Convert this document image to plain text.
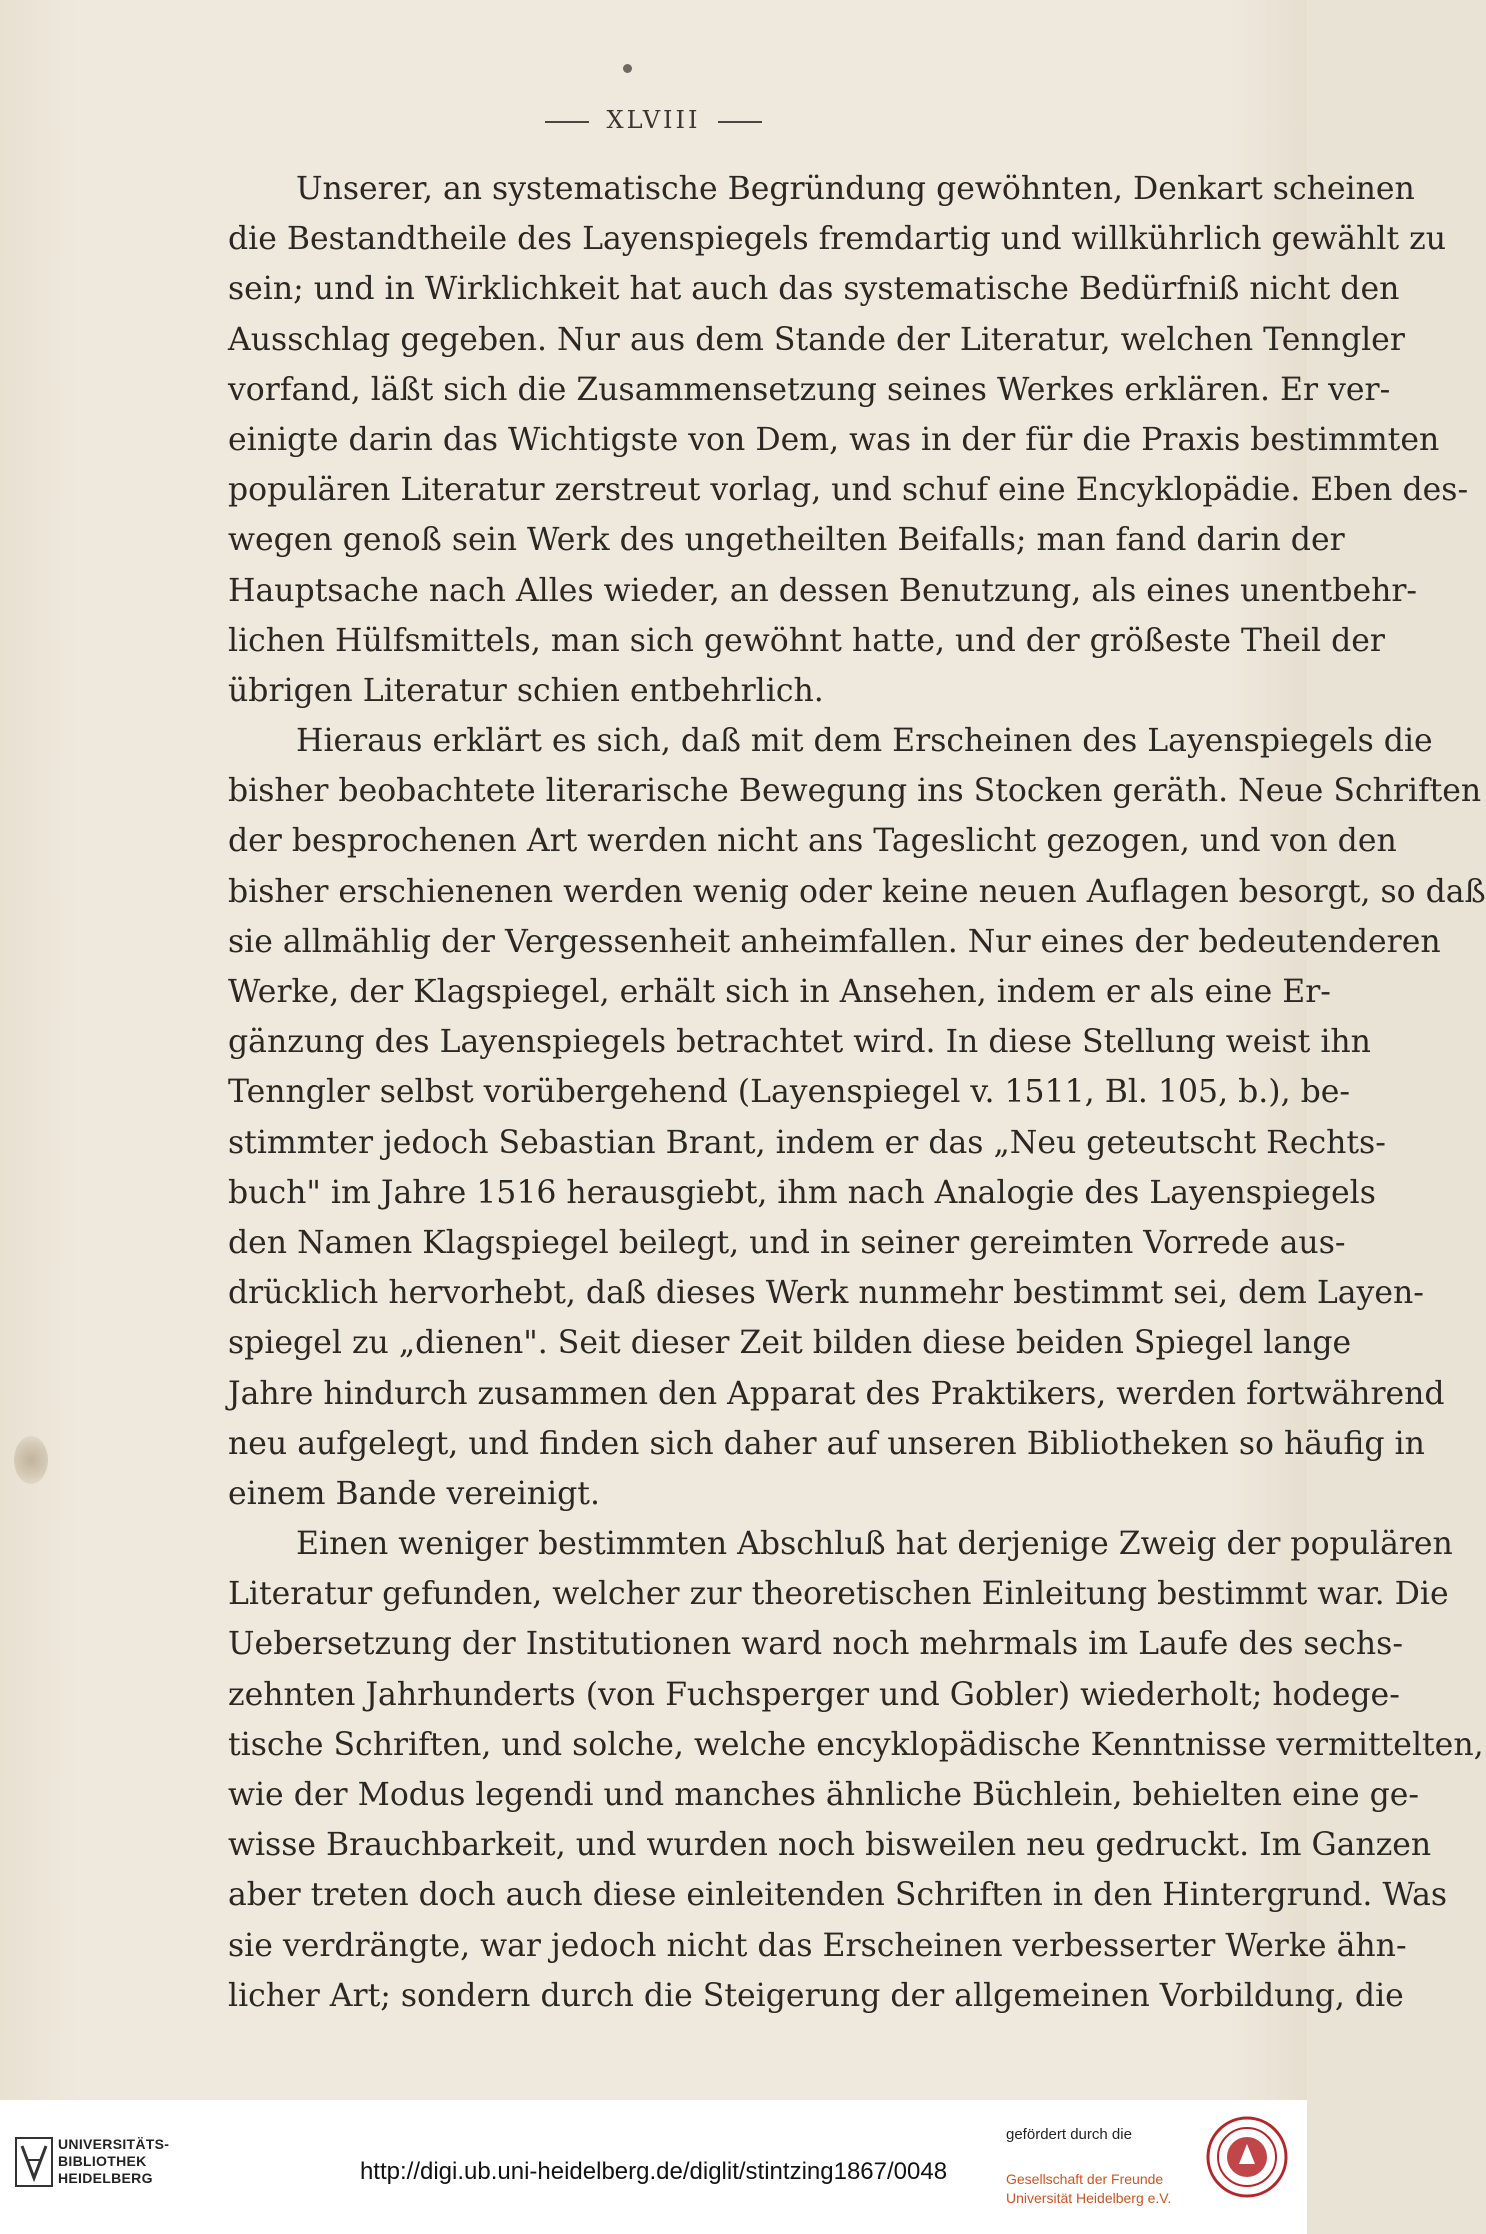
XLVIII
Unserer, an systematische Begründung gewöhnten, Denkart scheinen
die Bestandtheile des Layenspiegels fremdartig und willkührlich gewählt zu
sein; und in Wirklichkeit hat auch das systematische Bedürfniß nicht den
Ausschlag gegeben. Nur aus dem Stande der Literatur, welchen Tenngler
vorfand, läßt sich die Zusammensetzung seines Werkes erklären. Er ver-
einigte darin das Wichtigste von Dem, was in der für die Praxis bestimmten
populären Literatur zerstreut vorlag, und schuf eine Encyklopädie. Eben des-
wegen genoß sein Werk des ungetheilten Beifalls; man fand darin der
Hauptsache nach Alles wieder, an dessen Benutzung, als eines unentbehr-
lichen Hülfsmittels, man sich gewöhnt hatte, und der größeste Theil der
übrigen Literatur schien entbehrlich.
Hieraus erklärt es sich, daß mit dem Erscheinen des Layenspiegels die
bisher beobachtete literarische Bewegung ins Stocken geräth. Neue Schriften
der besprochenen Art werden nicht ans Tageslicht gezogen, und von den
bisher erschienenen werden wenig oder keine neuen Auflagen besorgt, so daß
sie allmählig der Vergessenheit anheimfallen. Nur eines der bedeutenderen
Werke, der Klagspiegel, erhält sich in Ansehen, indem er als eine Er-
gänzung des Layenspiegels betrachtet wird. In diese Stellung weist ihn
Tenngler selbst vorübergehend (Layenspiegel v. 1511, Bl. 105, b.), be-
stimmter jedoch Sebastian Brant, indem er das „Neu geteutscht Rechts-
buch" im Jahre 1516 herausgiebt, ihm nach Analogie des Layenspiegels
den Namen Klagspiegel beilegt, und in seiner gereimten Vorrede aus-
drücklich hervorhebt, daß dieses Werk nunmehr bestimmt sei, dem Layen-
spiegel zu „dienen". Seit dieser Zeit bilden diese beiden Spiegel lange
Jahre hindurch zusammen den Apparat des Praktikers, werden fortwährend
neu aufgelegt, und finden sich daher auf unseren Bibliotheken so häufig in
einem Bande vereinigt.
Einen weniger bestimmten Abschluß hat derjenige Zweig der populären
Literatur gefunden, welcher zur theoretischen Einleitung bestimmt war. Die
Uebersetzung der Institutionen ward noch mehrmals im Laufe des sechs-
zehnten Jahrhunderts (von Fuchsperger und Gobler) wiederholt; hodege-
tische Schriften, und solche, welche encyklopädische Kenntnisse vermittelten,
wie der Modus legendi und manches ähnliche Büchlein, behielten eine ge-
wisse Brauchbarkeit, und wurden noch bisweilen neu gedruckt. Im Ganzen
aber treten doch auch diese einleitenden Schriften in den Hintergrund. Was
sie verdrängte, war jedoch nicht das Erscheinen verbesserter Werke ähn-
licher Art; sondern durch die Steigerung der allgemeinen Vorbildung, die
UNIVERSITÄTS-
BIBLIOTHEK
HEIDELBERG	http://digi.ub.uni-heidelberg.de/diglit/stintzing1867/0048
gefördert durch die
Gesellschaft der Freunde
Universität Heidelberg e.V.
